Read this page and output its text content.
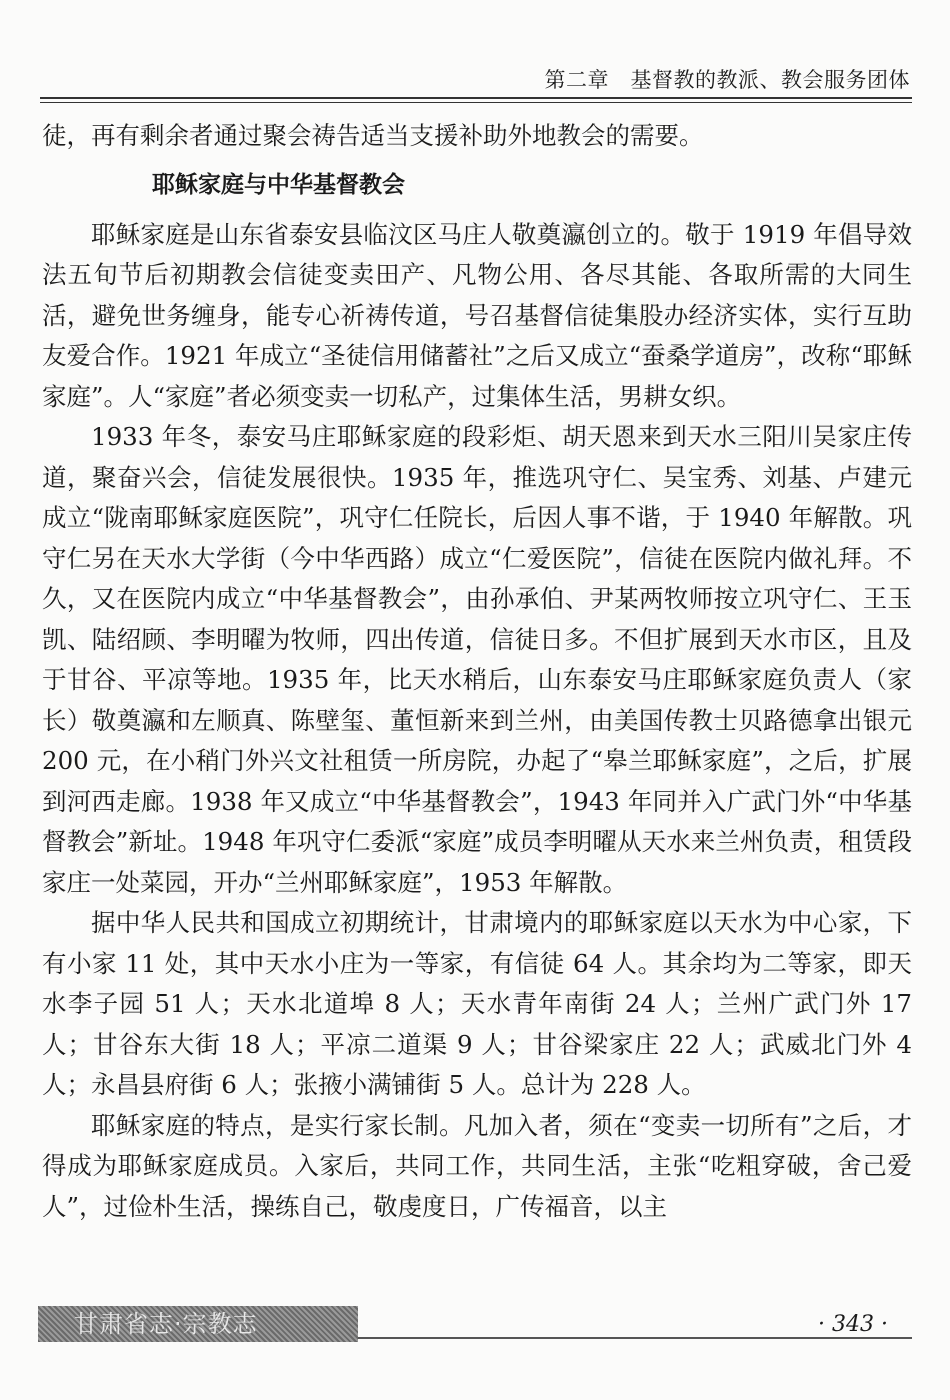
第二章　基督教的教派、教会服务团体

徒，再有剩余者通过聚会祷告适当支援补助外地教会的需要。

耶稣家庭与中华基督教会

耶稣家庭是山东省泰安县临汶区马庄人敬奠瀛创立的。敬于 1919 年倡导效法五旬节后初期教会信徒变卖田产、凡物公用、各尽其能、各取所需的大同生活，避免世务缠身，能专心祈祷传道，号召基督信徒集股办经济实体，实行互助友爱合作。1921 年成立“圣徒信用储蓄社”之后又成立“蚕桑学道房”，改称“耶稣家庭”。人“家庭”者必须变卖一切私产，过集体生活，男耕女织。

1933 年冬，泰安马庄耶稣家庭的段彩炬、胡天恩来到天水三阳川吴家庄传道，聚奋兴会，信徒发展很快。1935 年，推选巩守仁、吴宝秀、刘基、卢建元成立“陇南耶稣家庭医院”，巩守仁任院长，后因人事不谐，于 1940 年解散。巩守仁另在天水大学街（今中华西路）成立“仁爱医院”，信徒在医院内做礼拜。不久，又在医院内成立“中华基督教会”，由孙承伯、尹某两牧师按立巩守仁、王玉凯、陆绍顾、李明曜为牧师，四出传道，信徒日多。不但扩展到天水市区，且及于甘谷、平凉等地。1935 年，比天水稍后，山东泰安马庄耶稣家庭负责人（家长）敬奠瀛和左顺真、陈壁玺、董恒新来到兰州，由美国传教士贝路德拿出银元 200 元，在小稍门外兴文社租赁一所房院，办起了“皋兰耶稣家庭”，之后，扩展到河西走廊。1938 年又成立“中华基督教会”，1943 年同并入广武门外“中华基督教会”新址。1948 年巩守仁委派“家庭”成员李明曜从天水来兰州负责，租赁段家庄一处菜园，开办“兰州耶稣家庭”，1953 年解散。

据中华人民共和国成立初期统计，甘肃境内的耶稣家庭以天水为中心家，下有小家 11 处，其中天水小庄为一等家，有信徒 64 人。其余均为二等家，即天水李子园 51 人；天水北道埠 8 人；天水青年南街 24 人；兰州广武门外 17 人；甘谷东大街 18 人；平凉二道渠 9 人；甘谷梁家庄 22 人；武威北门外 4 人；永昌县府街 6 人；张掖小满铺街 5 人。总计为 228 人。

耶稣家庭的特点，是实行家长制。凡加入者，须在“变卖一切所有”之后，才得成为耶稣家庭成员。入家后，共同工作，共同生活，主张“吃粗穿破，舍己爱人”，过俭朴生活，操练自己，敬虔度日，广传福音，以主

甘肃省志·宗教志	· 343 ·
